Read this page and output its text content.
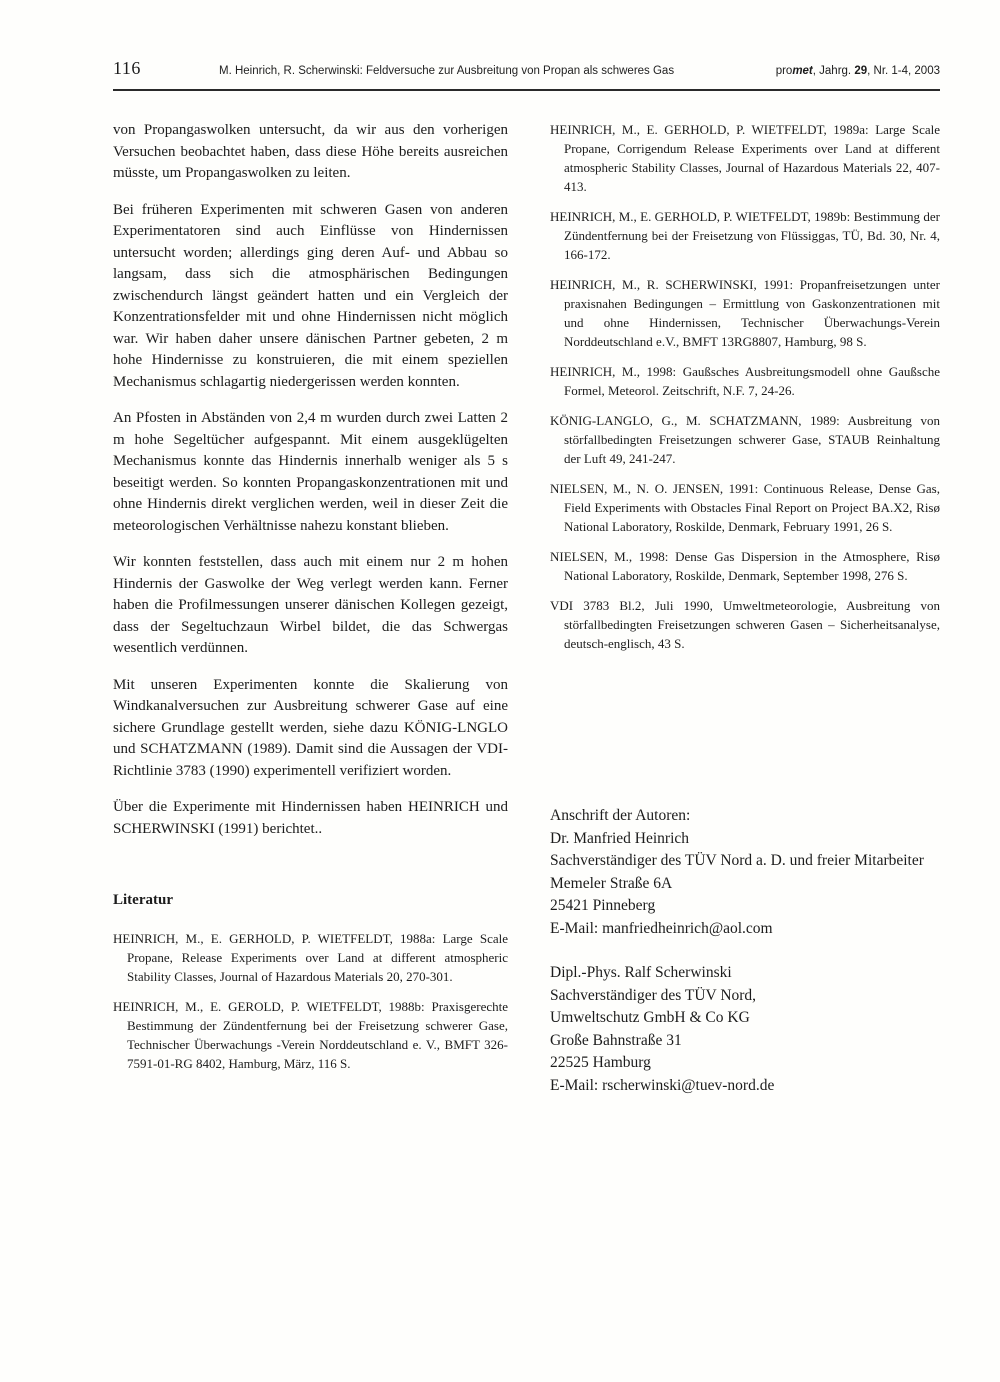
116	M. Heinrich, R. Scherwinski: Feldversuche zur Ausbreitung von Propan als schweres Gas	promet, Jahrg. 29, Nr. 1-4, 2003

von Propangaswolken untersucht, da wir aus den vorherigen Versuchen beobachtet haben, dass diese Höhe bereits ausreichen müsste, um Propangaswolken zu leiten.

Bei früheren Experimenten mit schweren Gasen von anderen Experimentatoren sind auch Einflüsse von Hindernissen untersucht worden; allerdings ging deren Auf- und Abbau so langsam, dass sich die atmosphärischen Bedingungen zwischendurch längst geändert hatten und ein Vergleich der Konzentrationsfelder mit und ohne Hindernissen nicht möglich war. Wir haben daher unsere dänischen Partner gebeten, 2 m hohe Hindernisse zu konstruieren, die mit einem speziellen Mechanismus schlagartig niedergerissen werden konnten.

An Pfosten in Abständen von 2,4 m wurden durch zwei Latten 2 m hohe Segeltücher aufgespannt. Mit einem ausgeklügelten Mechanismus konnte das Hindernis innerhalb weniger als 5 s beseitigt werden. So konnten Propangaskonzentrationen mit und ohne Hindernis direkt verglichen werden, weil in dieser Zeit die meteorologischen Verhältnisse nahezu konstant blieben.

Wir konnten feststellen, dass auch mit einem nur 2 m hohen Hindernis der Gaswolke der Weg verlegt werden kann. Ferner haben die Profilmessungen unserer dänischen Kollegen gezeigt, dass der Segeltuchzaun Wirbel bildet, die das Schwergas wesentlich verdünnen.

Mit unseren Experimenten konnte die Skalierung von Windkanalversuchen zur Ausbreitung schwerer Gase auf eine sichere Grundlage gestellt werden, siehe dazu KÖNIG-LNGLO und SCHATZMANN (1989). Damit sind die Aussagen der VDI-Richtlinie 3783 (1990) experimentell verifiziert worden.

Über die Experimente mit Hindernissen haben HEINRICH und SCHERWINSKI (1991) berichtet..

Literatur

HEINRICH, M., E. GERHOLD, P. WIETFELDT, 1988a: Large Scale Propane, Release Experiments over Land at different atmospheric Stability Classes, Journal of Hazardous Materials 20, 270-301.

HEINRICH, M., E. GEROLD, P. WIETFELDT, 1988b: Praxisgerechte Bestimmung der Zündentfernung bei der Freisetzung schwerer Gase, Technischer Überwachungs -Verein Norddeutschland e. V., BMFT 326-7591-01-RG 8402, Hamburg, März, 116 S.

HEINRICH, M., E. GERHOLD, P. WIETFELDT, 1989a: Large Scale Propane, Corrigendum Release Experiments over Land at different atmospheric Stability Classes, Journal of Hazardous Materials 22, 407-413.

HEINRICH, M., E. GERHOLD, P. WIETFELDT, 1989b: Bestimmung der Zündentfernung bei der Freisetzung von Flüssiggas, TÜ, Bd. 30, Nr. 4, 166-172.

HEINRICH, M., R. SCHERWINSKI, 1991: Propanfreisetzungen unter praxisnahen Bedingungen – Ermittlung von Gaskonzentrationen mit und ohne Hindernissen, Technischer Überwachungs-Verein Norddeutschland e.V., BMFT 13RG8807, Hamburg, 98 S.

HEINRICH, M., 1998: Gaußsches Ausbreitungsmodell ohne Gaußsche Formel, Meteorol. Zeitschrift, N.F. 7, 24-26.

KÖNIG-LANGLO, G., M. SCHATZMANN, 1989: Ausbreitung von störfallbedingten Freisetzungen schwerer Gase, STAUB Reinhaltung der Luft 49, 241-247.

NIELSEN, M., N. O. JENSEN, 1991: Continuous Release, Dense Gas, Field Experiments with Obstacles Final Report on Project BA.X2, Risø National Laboratory, Roskilde, Denmark, February 1991, 26 S.

NIELSEN, M., 1998: Dense Gas Dispersion in the Atmosphere, Risø National Laboratory, Roskilde, Denmark, September 1998, 276 S.

VDI 3783 Bl.2, Juli 1990, Umweltmeteorologie, Ausbreitung von störfallbedingten Freisetzungen schweren Gasen – Sicherheitsanalyse, deutsch-englisch, 43 S.

Anschrift der Autoren:
Dr. Manfried Heinrich
Sachverständiger des TÜV Nord a. D. und freier Mitarbeiter
Memeler Straße 6A
25421 Pinneberg
E-Mail: manfriedheinrich@aol.com
Dipl.-Phys. Ralf Scherwinski
Sachverständiger des TÜV Nord,
Umweltschutz GmbH & Co KG
Große Bahnstraße 31
22525 Hamburg
E-Mail: rscherwinski@tuev-nord.de
